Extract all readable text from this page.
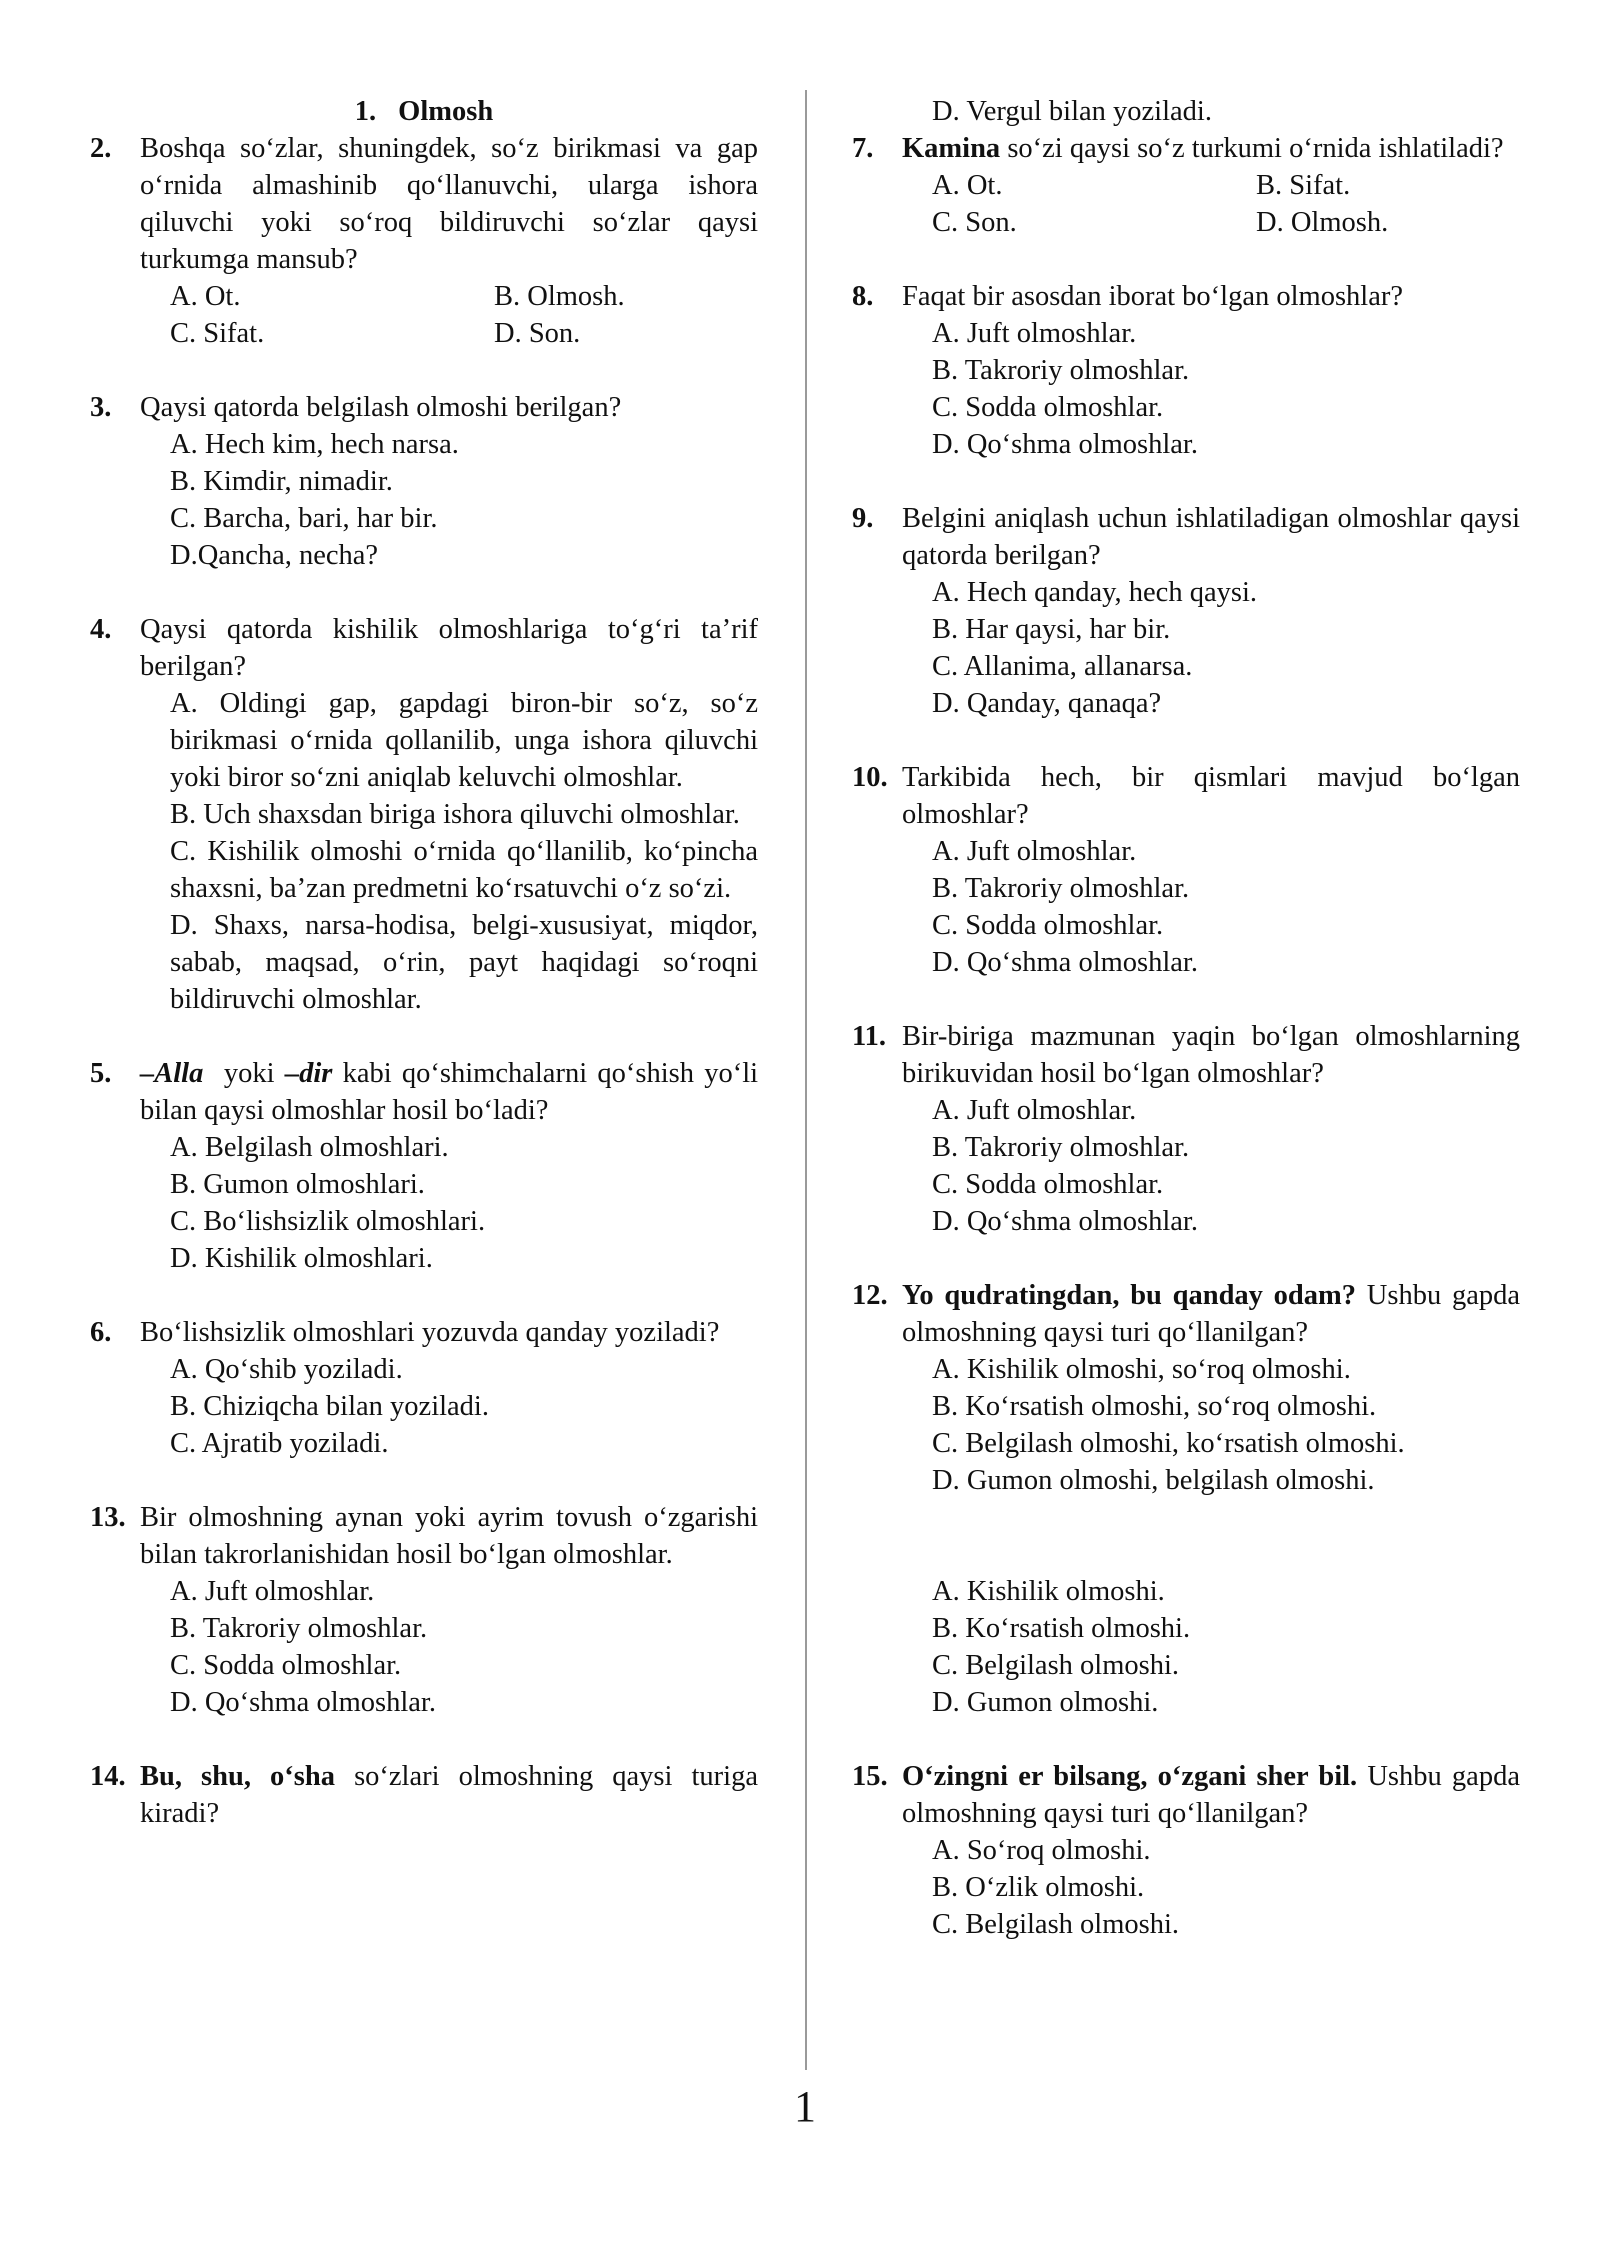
1. Olmosh
2. Boshqa so‘zlar, shuningdek, so‘z birikmasi va gap o‘rnida almashinib qo‘llanuvchi, ularga ishora qiluvchi yoki so‘roq bildiruvchi so‘zlar qaysi turkumga mansub?
A. Ot.	B. Olmosh.
C. Sifat.	D. Son.
3. Qaysi qatorda belgilash olmoshi berilgan?
A. Hech kim, hech narsa.
B. Kimdir, nimadir.
C. Barcha, bari, har bir.
D.Qancha, necha?
4. Qaysi qatorda kishilik olmoshlariga to‘g‘ri ta’rif berilgan?
A. Oldingi gap, gapdagi biron-bir so‘z, so‘z birikmasi o‘rnida qollanilib, unga ishora qiluvchi yoki biror so‘zni aniqlab keluvchi olmoshlar.
B. Uch shaxsdan biriga ishora qiluvchi olmoshlar.
C. Kishilik olmoshi o‘rnida qo‘llanilib, ko‘pincha shaxsni, ba’zan predmetni ko‘rsatuvchi o‘z so‘zi.
D. Shaxs, narsa-hodisa, belgi-xususiyat, miqdor, sabab, maqsad, o‘rin, payt haqidagi so‘roqni bildiruvchi olmoshlar.
5. –Alla yoki –dir kabi qo‘shimchalarni qo‘shish yo‘li bilan qaysi olmoshlar hosil bo‘ladi?
A. Belgilash olmoshlari.
B. Gumon olmoshlari.
C. Bo‘lishsizlik olmoshlari.
D. Kishilik olmoshlari.
6. Bo‘lishsizlik olmoshlari yozuvda qanday yoziladi?
A. Qo‘shib yoziladi.
B. Chiziqcha bilan yoziladi.
C. Ajratib yoziladi.
13. Bir olmoshning aynan yoki ayrim tovush o‘zgarishi bilan takrorlanishidan hosil bo‘lgan olmoshlar.
A. Juft olmoshlar.
B. Takroriy olmoshlar.
C. Sodda olmoshlar.
D. Qo‘shma olmoshlar.
14. Bu, shu, o‘sha so‘zlari olmoshning qaysi turiga kiradi?
D. Vergul bilan yoziladi.
7. Kamina so‘zi qaysi so‘z turkumi o‘rnida ishlatiladi?
A. Ot.	B. Sifat.
C. Son.	D. Olmosh.
8. Faqat bir asosdan iborat bo‘lgan olmoshlar?
A. Juft olmoshlar.
B. Takroriy olmoshlar.
C. Sodda olmoshlar.
D. Qo‘shma olmoshlar.
9. Belgini aniqlash uchun ishlatiladigan olmoshlar qaysi qatorda berilgan?
A. Hech qanday, hech qaysi.
B. Har qaysi, har bir.
C. Allanima, allanarsa.
D. Qanday, qanaqa?
10. Tarkibida hech, bir qismlari mavjud bo‘lgan olmoshlar?
A. Juft olmoshlar.
B. Takroriy olmoshlar.
C. Sodda olmoshlar.
D. Qo‘shma olmoshlar.
11. Bir-biriga mazmunan yaqin bo‘lgan olmoshlarning birikuvidan hosil bo‘lgan olmoshlar?
A. Juft olmoshlar.
B. Takroriy olmoshlar.
C. Sodda olmoshlar.
D. Qo‘shma olmoshlar.
12. Yo qudratingdan, bu qanday odam? Ushbu gapda olmoshning qaysi turi qo‘llanilgan?
A. Kishilik olmoshi, so‘roq olmoshi.
B. Ko‘rsatish olmoshi, so‘roq olmoshi.
C. Belgilash olmoshi, ko‘rsatish olmoshi.
D. Gumon olmoshi, belgilash olmoshi.
A. Kishilik olmoshi.
B. Ko‘rsatish olmoshi.
C. Belgilash olmoshi.
D. Gumon olmoshi.
15. O‘zingni er bilsang, o‘zgani sher bil. Ushbu gapda olmoshning qaysi turi qo‘llanilgan?
A. So‘roq olmoshi.
B. O‘zlik olmoshi.
C. Belgilash olmoshi.
1
